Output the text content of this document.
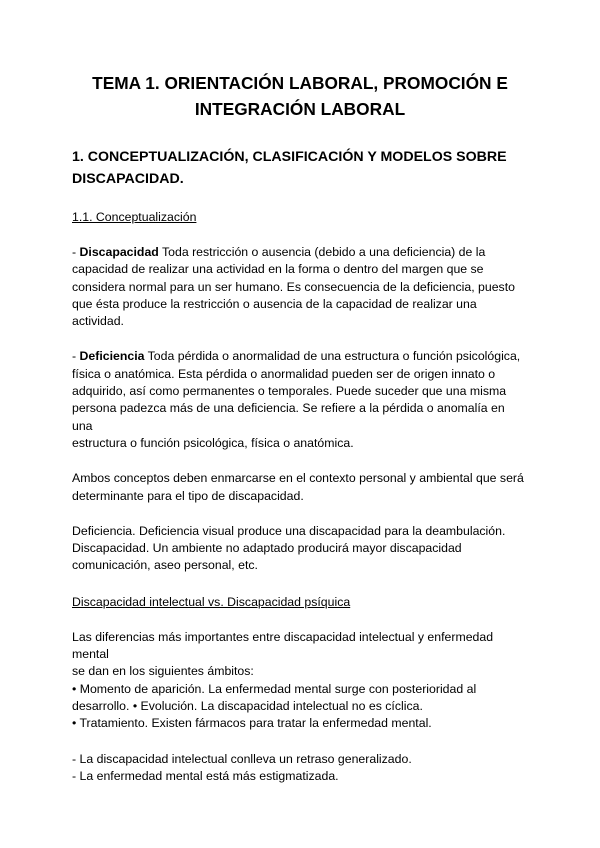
TEMA 1. ORIENTACIÓN LABORAL, PROMOCIÓN E
INTEGRACIÓN LABORAL
1. CONCEPTUALIZACIÓN, CLASIFICACIÓN Y MODELOS SOBRE
DISCAPACIDAD.
1.1. Conceptualización

- Discapacidad Toda restricción o ausencia (debido a una deficiencia) de la
capacidad de realizar una actividad en la forma o dentro del margen que se
considera normal para un ser humano. Es consecuencia de la deficiencia, puesto
que ésta produce la restricción o ausencia de la capacidad de realizar una actividad.

- Deficiencia Toda pérdida o anormalidad de una estructura o función psicológica,
física o anatómica. Esta pérdida o anormalidad pueden ser de origen innato o
adquirido, así como permanentes o temporales. Puede suceder que una misma
persona padezca más de una deficiencia. Se refiere a la pérdida o anomalía en una
estructura o función psicológica, física o anatómica.

Ambos conceptos deben enmarcarse en el contexto personal y ambiental que será
determinante para el tipo de discapacidad.

Deficiencia. Deficiencia visual produce una discapacidad para la deambulación.
Discapacidad. Un ambiente no adaptado producirá mayor discapacidad
comunicación, aseo personal, etc.

Discapacidad intelectual vs. Discapacidad psíquica

Las diferencias más importantes entre discapacidad intelectual y enfermedad mental
se dan en los siguientes ámbitos:
• Momento de aparición. La enfermedad mental surge con posterioridad al
desarrollo. • Evolución. La discapacidad intelectual no es cíclica.
• Tratamiento. Existen fármacos para tratar la enfermedad mental.

- La discapacidad intelectual conlleva un retraso generalizado.
- La enfermedad mental está más estigmatizada.
